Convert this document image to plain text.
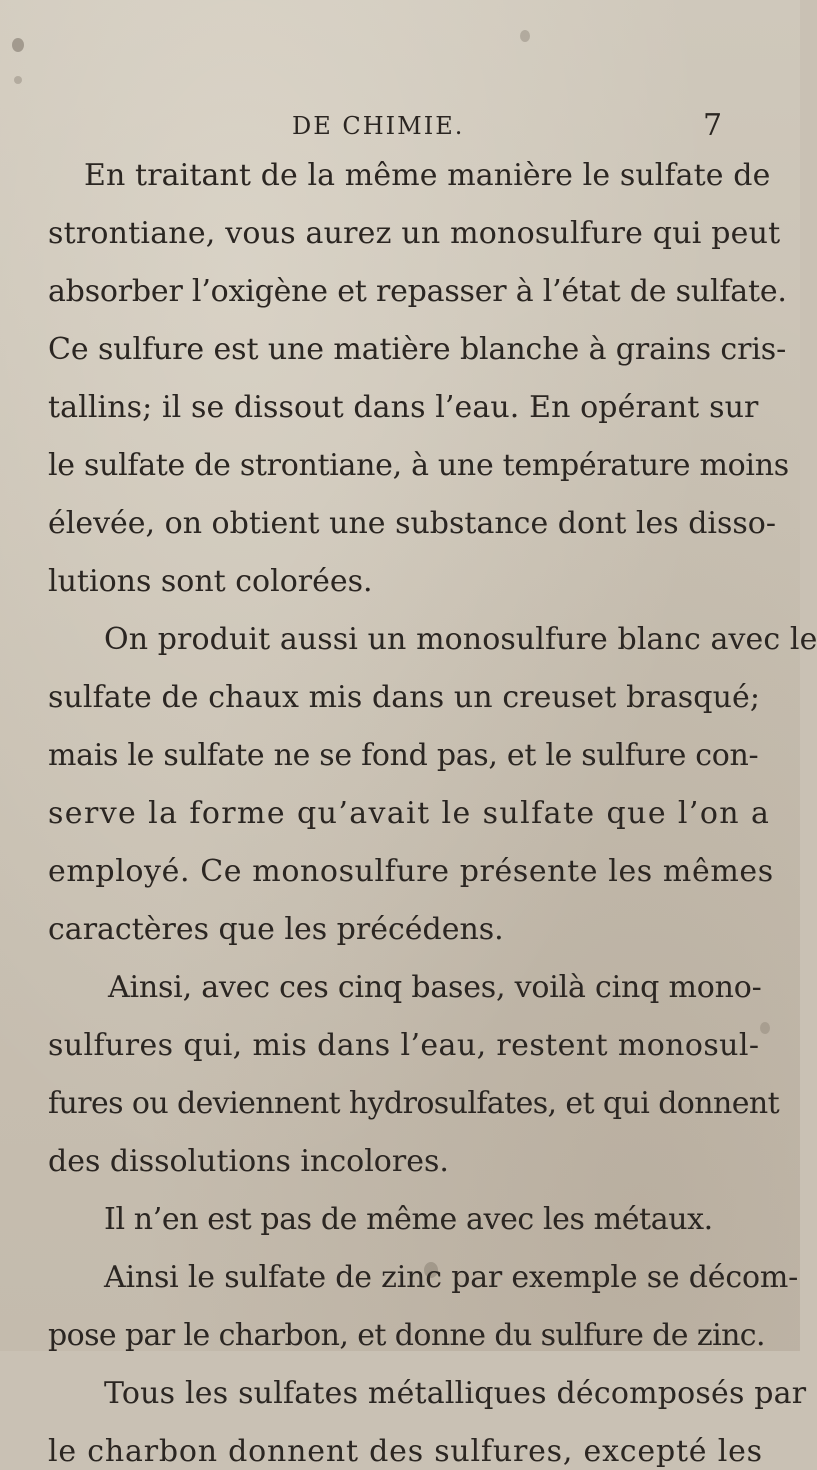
DE CHIMIE.	7
En traitant de la même manière le sulfate de
strontiane, vous aurez un monosulfure qui peut
absorber l’oxigène et repasser à l’état de sulfate.
Ce sulfure est une matière blanche à grains cris-
tallins; il se dissout dans l’eau. En opérant sur
le sulfate de strontiane, à une température moins
élevée, on obtient une substance dont les disso-
lutions sont colorées.
On produit aussi un monosulfure blanc avec le
sulfate de chaux mis dans un creuset brasqué;
mais le sulfate ne se fond pas, et le sulfure con-
serve la forme qu’avait le sulfate que l’on a
employé. Ce monosulfure présente les mêmes
caractères que les précédens.
Ainsi, avec ces cinq bases, voilà cinq mono-
sulfures qui, mis dans l’eau, restent monosul-
fures ou deviennent hydrosulfates, et qui donnent
des dissolutions incolores.
Il n’en est pas de même avec les métaux.
Ainsi le sulfate de zinc par exemple se décom-
pose par le charbon, et donne du sulfure de zinc.
Tous les sulfates métalliques décomposés par
le charbon donnent des sulfures, excepté les
